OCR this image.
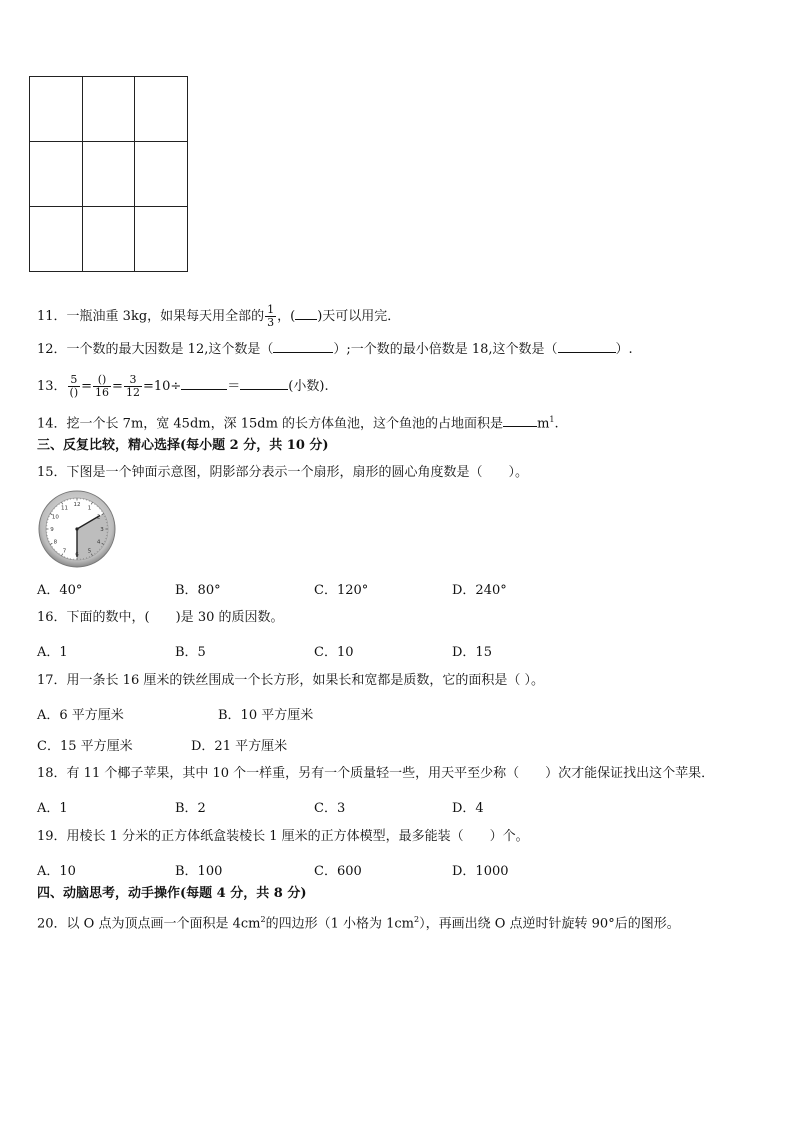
11．一瓶油重 3kg，如果每天用全部的 $\frac{1}{3}$ ，( )天可以用完．
12．一个数的最大因数是 12,这个数是（	）;一个数的最小倍数是 18,这个数是（	）.
13． $\frac{5}{()} = \frac{()}{16} = \frac{3}{12} =10\div$	＝	(小数).
14．挖一个长 7m，宽 45dm，深 15dm 的长方体鱼池，这个鱼池的占地面积是	$m^1$.
三、反复比较，精心选择(每小题 2 分，共 10 分)
15．下图是一个钟面示意图，阴影部分表示一个扇形，扇形的圆心角度数是（　　）。
12
1
2
3
4
5
6
7
8
9
10
11
A．40°	B．80°	C．120°	D．240°
16．下面的数中，(　　)是 30 的质因数。
A．1	B．5	C．10	D．15
17．用一条长 16 厘米的铁丝围成一个长方形，如果长和宽都是质数，它的面积是（ ）。
A．6 平方厘米	B．10 平方厘米
C．15 平方厘米	D．21 平方厘米
18．有 11 个椰子苹果，其中 10 个一样重，另有一个质量轻一些，用天平至少称（　　）次才能保证找出这个苹果．
A．1	B．2	C．3	D．4
19．用棱长 1 分米的正方体纸盒装棱长 1 厘米的正方体模型，最多能装（　　）个。
A．10	B．100	C．600	D．1000
四、动脑思考，动手操作(每题 4 分，共 8 分)
20．以 O 点为顶点画一个面积是 $4cm^2$的四边形（1 小格为 $1cm^2$），再画出绕 O 点逆时针旋转 90°后的图形。
